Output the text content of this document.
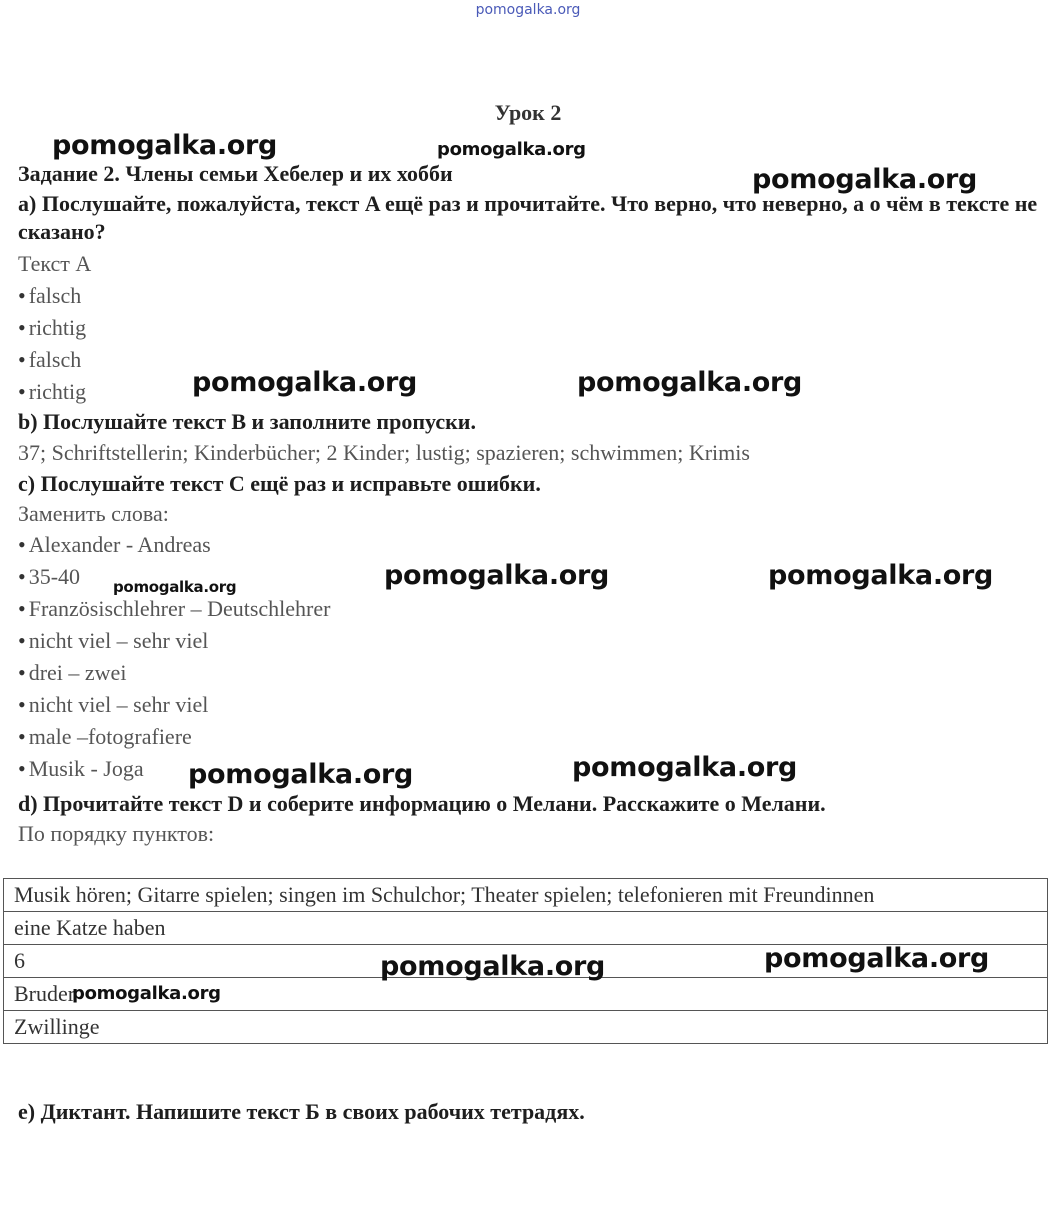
pomogalka.org
Урок 2
Задание 2. Члены семьи Хебелер и их хобби
a) Послушайте, пожалуйста, текст A ещё раз и прочитайте. Что верно, что неверно, а о чём в тексте не сказано?
Текст A
• falsch
• richtig
• falsch
• richtig
b) Послушайте текст B и заполните пропуски.
37; Schriftstellerin; Kinderbücher; 2 Kinder; lustig; spazieren; schwimmen; Krimis
c) Послушайте текст C ещё раз и исправьте ошибки.
Заменить слова:
• Alexander - Andreas
• 35-40
• Französischlehrer – Deutschlehrer
• nicht viel – sehr viel
• drei – zwei
• nicht viel – sehr viel
• male –fotografiere
• Musik - Joga
d) Прочитайте текст D и соберите информацию о Мелани. Расскажите о Мелани.
По порядку пунктов:
Musik hören; Gitarre spielen; singen im Schulchor; Theater spielen; telefonieren mit Freundinnen
eine Katze haben
6
Bruder
Zwillinge
e) Диктант. Напишите текст Б в своих рабочих тетрадях.
pomogalka.org	pomogalka.org
pomogalka.org
pomogalka.org	pomogalka.org
pomogalka.org	pomogalka.org
pomogalka.org
pomogalka.org	pomogalka.org
pomogalka.org
pomogalka.org
pomogalka.org
